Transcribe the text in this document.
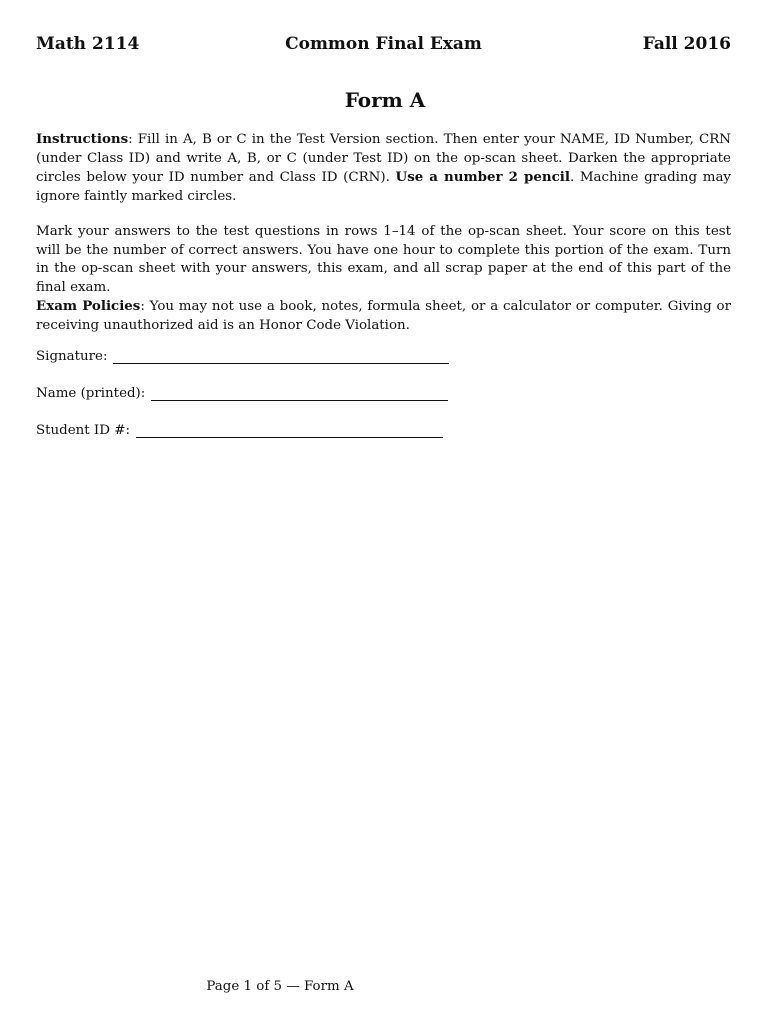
Math 2114	Common Final Exam	Fall 2016
Form A
Instructions: Fill in A, B or C in the Test Version section. Then enter your NAME, ID Number, CRN (under Class ID) and write A, B, or C (under Test ID) on the op-scan sheet. Darken the appropriate circles below your ID number and Class ID (CRN). Use a number 2 pencil. Machine grading may ignore faintly marked circles.
Mark your answers to the test questions in rows 1–14 of the op-scan sheet. Your score on this test will be the number of correct answers. You have one hour to complete this portion of the exam. Turn in the op-scan sheet with your answers, this exam, and all scrap paper at the end of this part of the final exam.
Exam Policies: You may not use a book, notes, formula sheet, or a calculator or computer. Giving or receiving unauthorized aid is an Honor Code Violation.
Signature:
Name (printed):
Student ID #:
Page 1 of 5 — Form A
